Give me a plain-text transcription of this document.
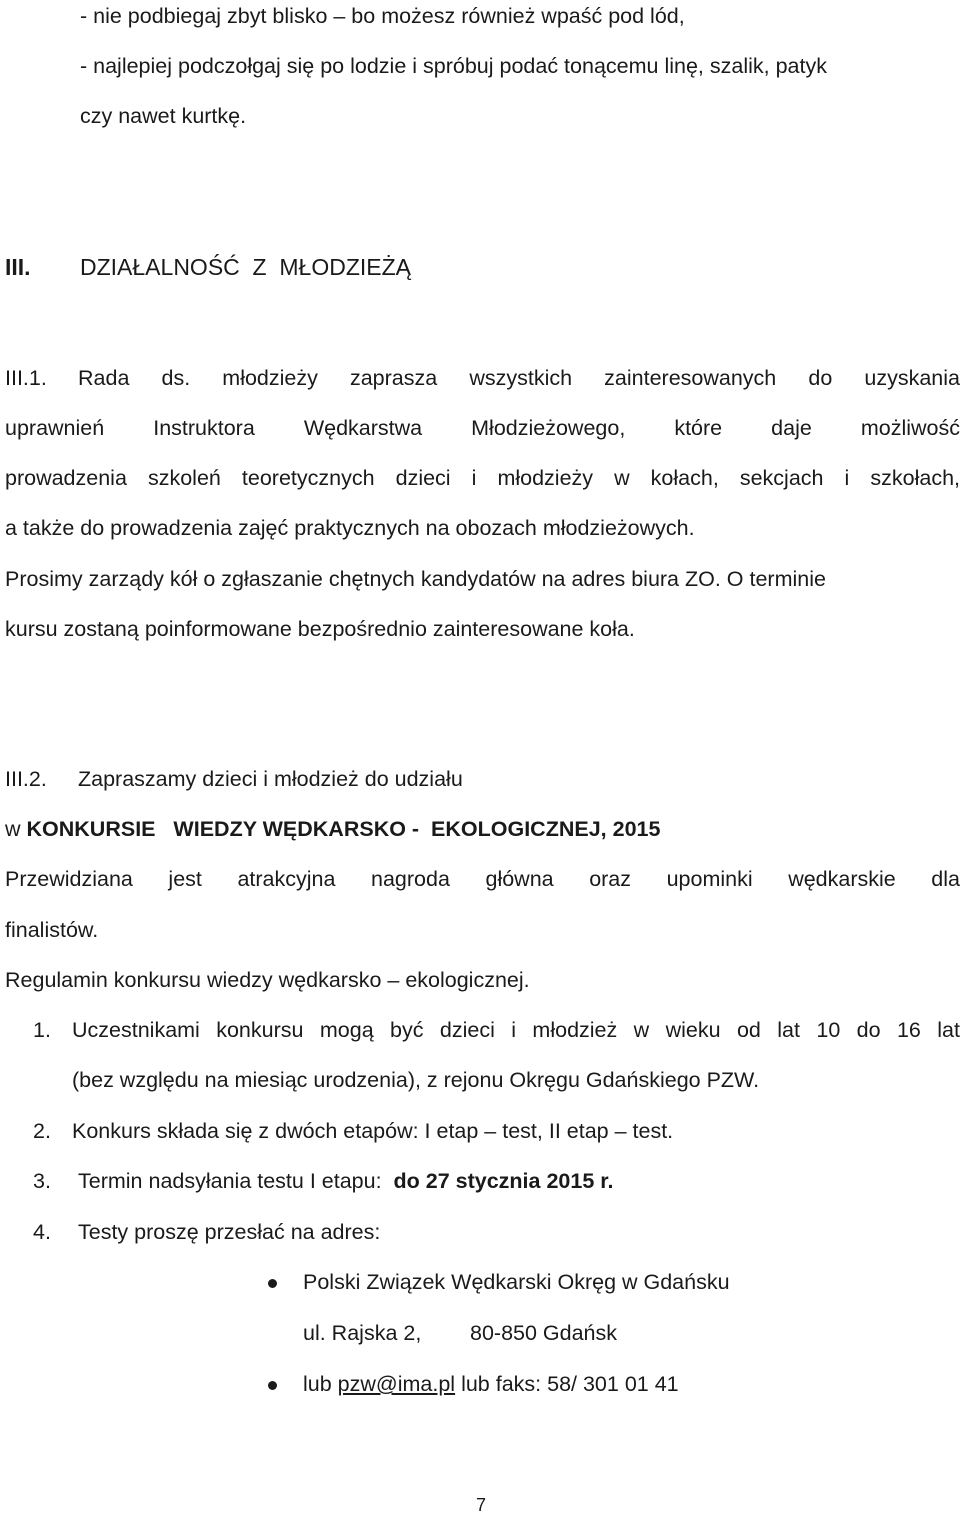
- nie podbiegaj zbyt blisko – bo możesz również wpaść pod lód,
- najlepiej podczołgaj się po lodzie i spróbuj podać tonącemu linę, szalik, patyk
czy nawet kurtkę.
III. DZIAŁALNOŚĆ  Z  MŁODZIEŻĄ
III.1. Rada ds. młodzieży zaprasza wszystkich zainteresowanych do uzyskania
uprawnień Instruktora Wędkarstwa Młodzieżowego, które daje możliwość
prowadzenia szkoleń teoretycznych dzieci i młodzieży w kołach, sekcjach i szkołach,
a także do prowadzenia zajęć praktycznych na obozach młodzieżowych.
Prosimy zarządy kół o zgłaszanie chętnych kandydatów na adres biura ZO. O terminie
kursu zostaną poinformowane bezpośrednio zainteresowane koła.
III.2. Zapraszamy dzieci i młodzież do udziału
w KONKURSIE   WIEDZY WĘDKARSKO -  EKOLOGICZNEJ, 2015
Przewidziana jest atrakcyjna nagroda główna oraz upominki wędkarskie dla
finalistów.
Regulamin konkursu wiedzy wędkarsko – ekologicznej.
1. Uczestnikami konkursu mogą być dzieci i młodzież w wieku od lat 10 do 16 lat
(bez względu na miesiąc urodzenia), z rejonu Okręgu Gdańskiego PZW.
2. Konkurs składa się z dwóch etapów: I etap – test, II etap – test.
3. Termin nadsyłania testu I etapu:  do 27 stycznia 2015 r.
4. Testy proszę przesłać na adres:
Polski Związek Wędkarski Okręg w Gdańsku
ul. Rajska 2, 80-850 Gdańsk
lub pzw@ima.pl lub faks: 58/ 301 01 41
7
